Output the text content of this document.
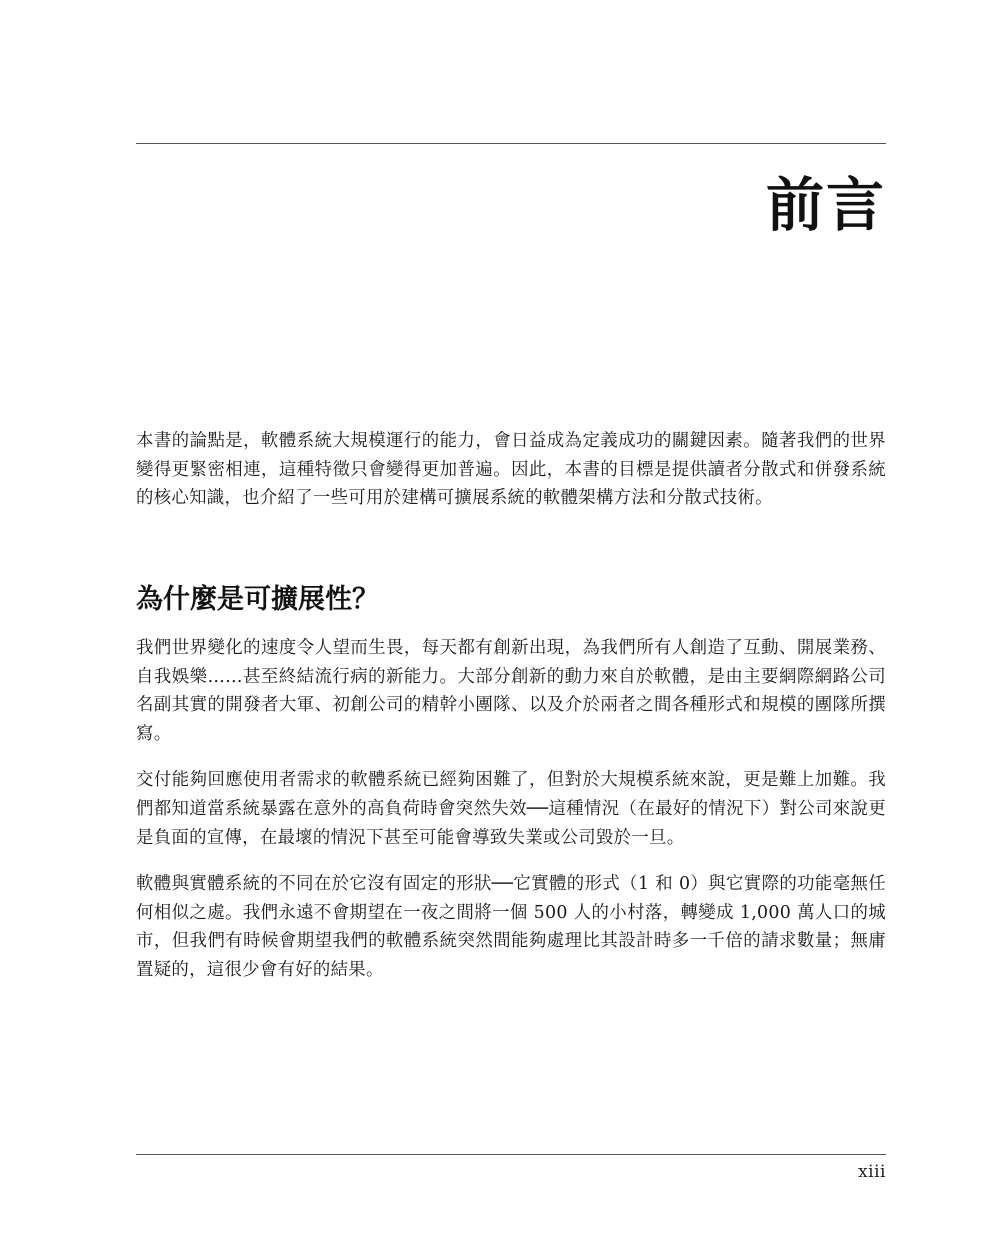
前言

本書的論點是，軟體系統大規模運行的能力，會日益成為定義成功的關鍵因素。隨著我們的世界變得更緊密相連，這種特徵只會變得更加普遍。因此，本書的目標是提供讀者分散式和併發系統的核心知識，也介紹了一些可用於建構可擴展系統的軟體架構方法和分散式技術。

為什麼是可擴展性？

我們世界變化的速度令人望而生畏，每天都有創新出現，為我們所有人創造了互動、開展業務、自我娛樂……甚至終結流行病的新能力。大部分創新的動力來自於軟體，是由主要網際網路公司名副其實的開發者大軍、初創公司的精幹小團隊、以及介於兩者之間各種形式和規模的團隊所撰寫。

交付能夠回應使用者需求的軟體系統已經夠困難了，但對於大規模系統來說，更是難上加難。我們都知道當系統暴露在意外的高負荷時會突然失效──這種情況（在最好的情況下）對公司來說更是負面的宣傳，在最壞的情況下甚至可能會導致失業或公司毀於一旦。

軟體與實體系統的不同在於它沒有固定的形狀──它實體的形式（1 和 0）與它實際的功能毫無任何相似之處。我們永遠不會期望在一夜之間將一個 500 人的小村落，轉變成 1,000 萬人口的城市，但我們有時候會期望我們的軟體系統突然間能夠處理比其設計時多一千倍的請求數量；無庸置疑的，這很少會有好的結果。

xiii
